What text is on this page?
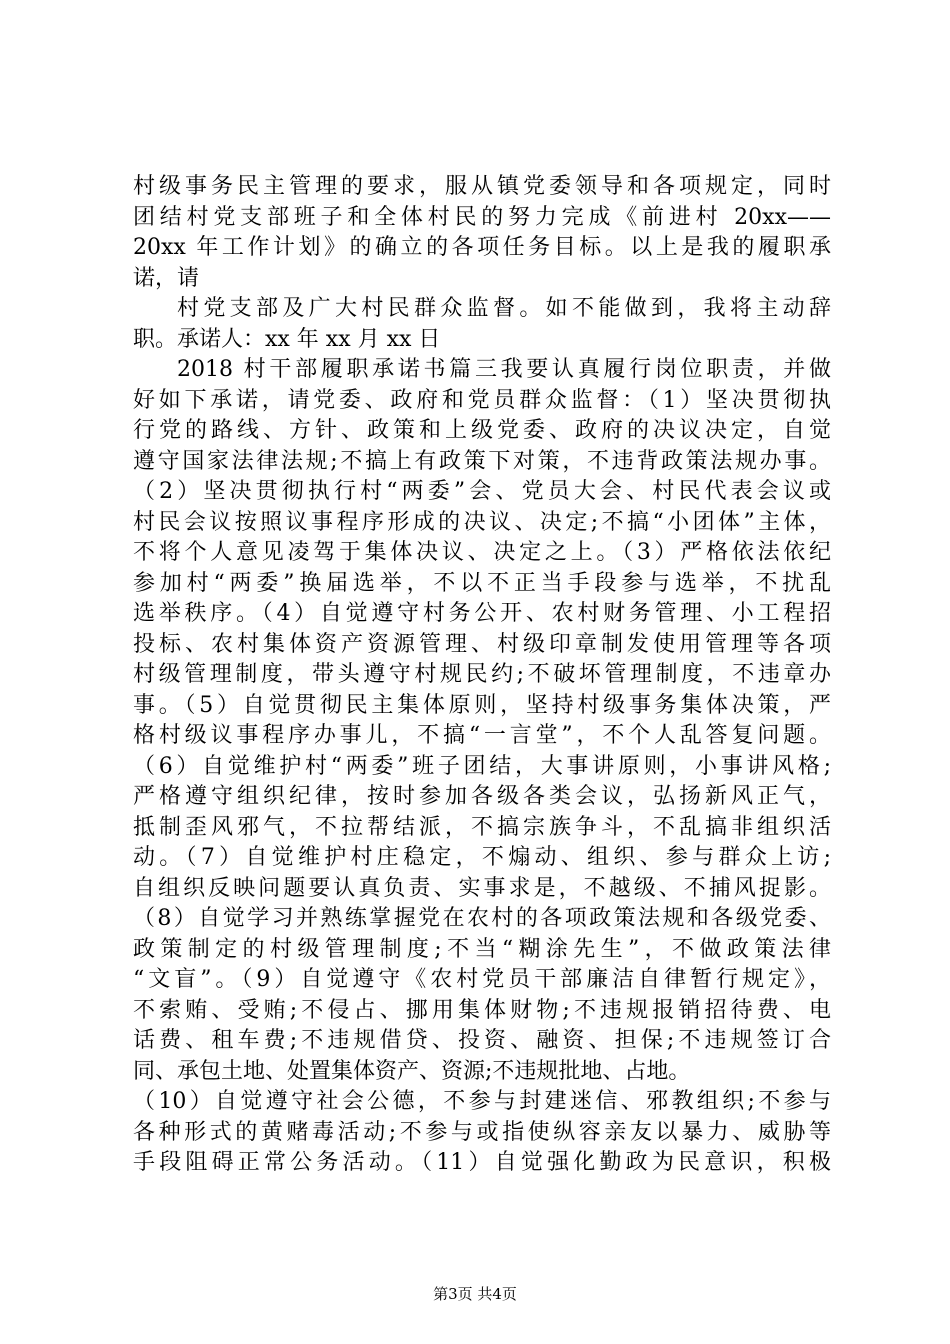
村级事务民主管理的要求，服从镇党委领导和各项规定，同时
团结村党支部班子和全体村民的努力完成《前进村 20xx——
20xx 年工作计划》的确立的各项任务目标。以上是我的履职承
诺，请
村党支部及广大村民群众监督。如不能做到，我将主动辞
职。承诺人：xx 年 xx 月 xx 日
2018 村干部履职承诺书篇三我要认真履行岗位职责，并做
好如下承诺，请党委、政府和党员群众监督：（1）坚决贯彻执
行党的路线、方针、政策和上级党委、政府的决议决定，自觉
遵守国家法律法规;不搞上有政策下对策，不违背政策法规办事。
（2）坚决贯彻执行村“两委”会、党员大会、村民代表会议或
村民会议按照议事程序形成的决议、决定;不搞“小团体”主体，
不将个人意见凌驾于集体决议、决定之上。（3）严格依法依纪
参加村“两委”换届选举，不以不正当手段参与选举，不扰乱
选举秩序。（4）自觉遵守村务公开、农村财务管理、小工程招
投标、农村集体资产资源管理、村级印章制发使用管理等各项
村级管理制度，带头遵守村规民约;不破坏管理制度，不违章办
事。（5）自觉贯彻民主集体原则，坚持村级事务集体决策，严
格村级议事程序办事儿，不搞“一言堂”，不个人乱答复问题。
（6）自觉维护村“两委”班子团结，大事讲原则，小事讲风格;
严格遵守组织纪律，按时参加各级各类会议，弘扬新风正气，
抵制歪风邪气，不拉帮结派，不搞宗族争斗，不乱搞非组织活
动。（7）自觉维护村庄稳定，不煽动、组织、参与群众上访;
自组织反映问题要认真负责、实事求是，不越级、不捕风捉影。
（8）自觉学习并熟练掌握党在农村的各项政策法规和各级党委、
政策制定的村级管理制度;不当“糊涂先生”，不做政策法律
“文盲”。（9）自觉遵守《农村党员干部廉洁自律暂行规定》，
不索贿、受贿;不侵占、挪用集体财物;不违规报销招待费、电
话费、租车费;不违规借贷、投资、融资、担保;不违规签订合
同、承包土地、处置集体资产、资源;不违规批地、占地。
（10）自觉遵守社会公德，不参与封建迷信、邪教组织;不参与
各种形式的黄赌毒活动;不参与或指使纵容亲友以暴力、威胁等
手段阻碍正常公务活动。（11）自觉强化勤政为民意识，积极
第3页 共4页
